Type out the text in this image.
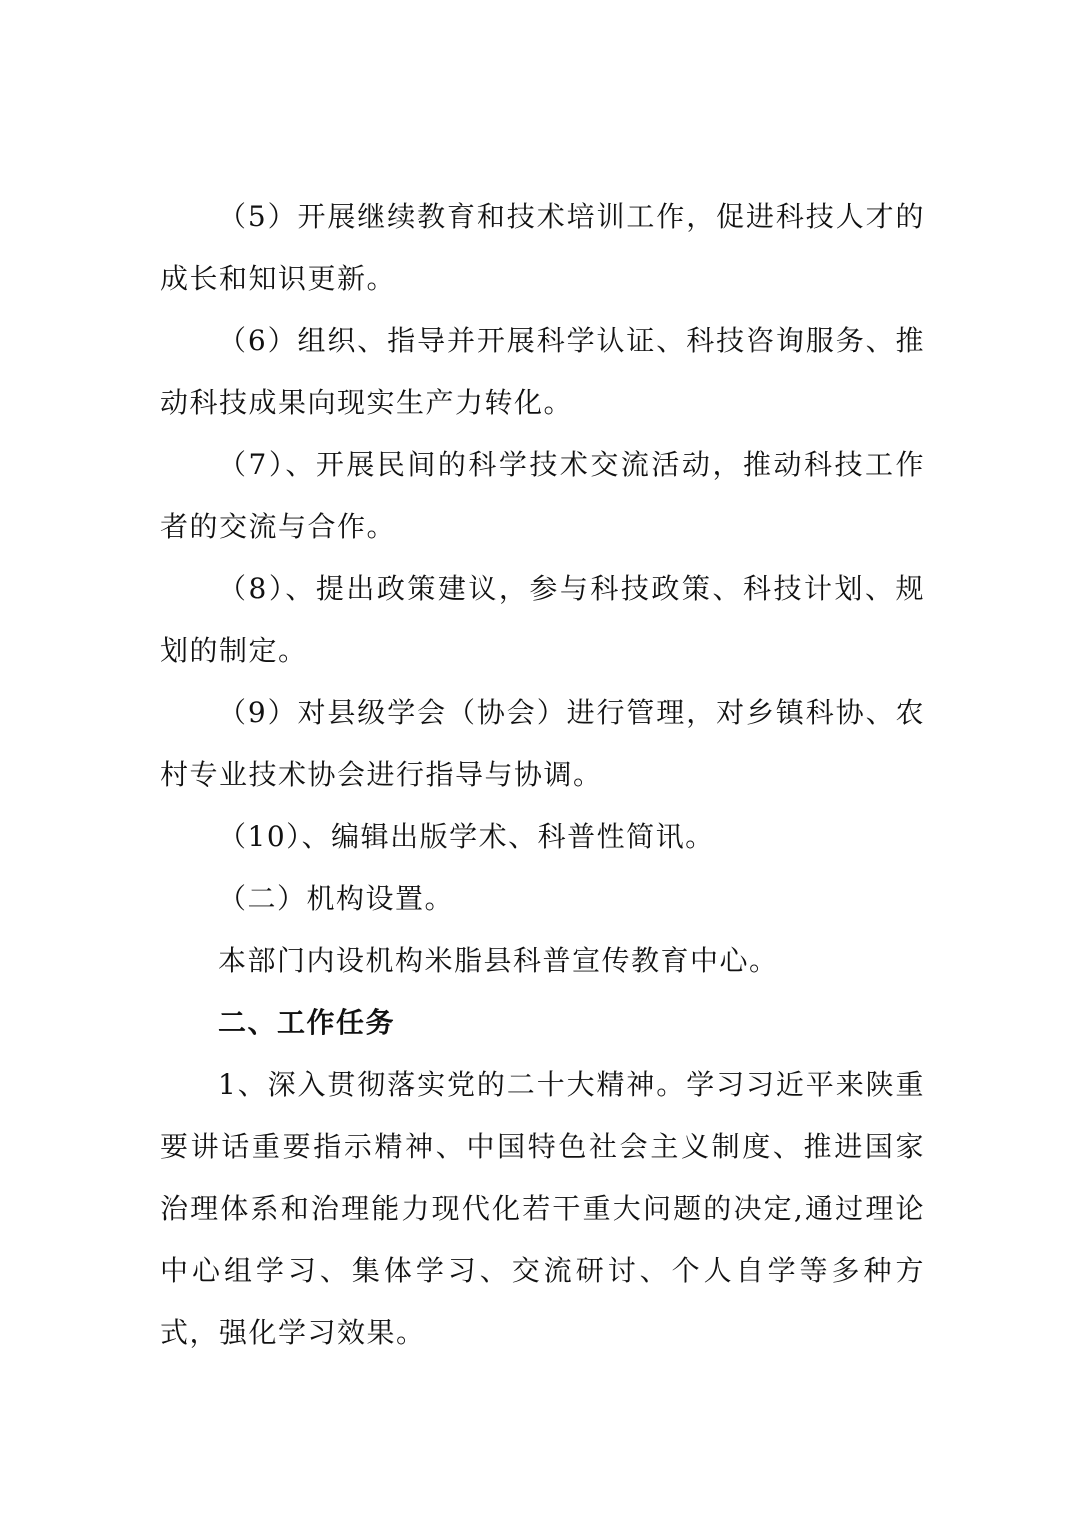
（5）开展继续教育和技术培训工作，促进科技人才的成长和知识更新。

（6）组织、指导并开展科学认证、科技咨询服务、推动科技成果向现实生产力转化。

（7）、开展民间的科学技术交流活动，推动科技工作者的交流与合作。

（8）、提出政策建议，参与科技政策、科技计划、规划的制定。

（9）对县级学会（协会）进行管理，对乡镇科协、农村专业技术协会进行指导与协调。

（10）、编辑出版学术、科普性简讯。

（二）机构设置。

本部门内设机构米脂县科普宣传教育中心。

二、工作任务

1、深入贯彻落实党的二十大精神。学习习近平来陕重要讲话重要指示精神、中国特色社会主义制度、推进国家治理体系和治理能力现代化若干重大问题的决定,通过理论中心组学习、集体学习、交流研讨、个人自学等多种方式，强化学习效果。
